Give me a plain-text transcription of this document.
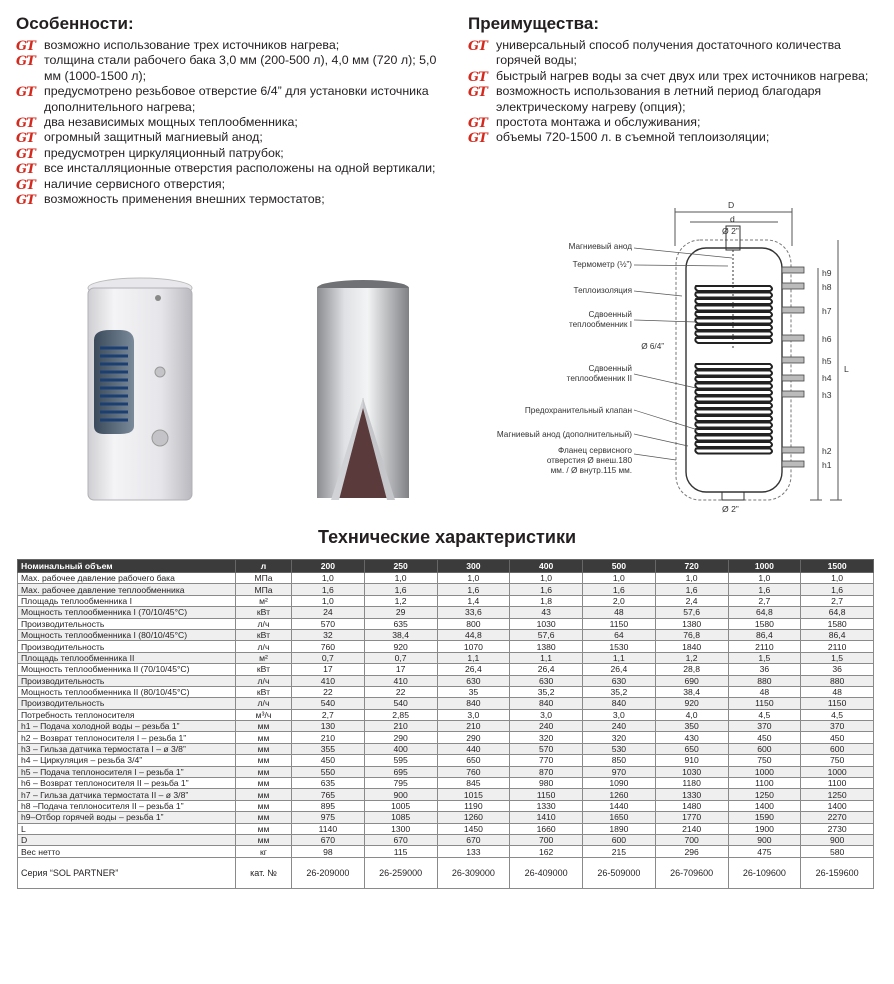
Особенности:
GT возможно использование трех источников нагрева;
GT толщина стали рабочего бака 3,0 мм (200-500 л), 4,0 мм (720 л); 5,0 мм (1000-1500 л);
GT предусмотрено резьбовое отверстие 6/4” для установки источника дополнительного нагрева;
GT два независимых мощных теплообменника;
GT огромный защитный магниевый анод;
GT предусмотрен циркуляционный патрубок;
GT все инсталляционные отверстия расположены на одной вертикали;
GT наличие сервисного отверстия;
GT возможность применения внешних термостатов;
Преимущества:
GT универсальный способ получения достаточного количества горячей воды;
GT быстрый нагрев воды за счет двух или трех источников нагрева;
GT возможность использования в летний период благодаря электрическому нагреву (опция);
GT простота монтажа и обслуживания;
GT объемы 720-1500 л. в съемной теплоизоляции;
Магниевый анод
Термометр (½”)
Теплоизоляция
Сдвоенный
теплообменник I
Ø 6/4”
Сдвоенный
теплообменник II
Предохранительный клапан
Магниевый анод (дополнительный)
Фланец сервисного
отверстия Ø внеш.180
мм. / Ø внутр.115 мм.
D
d
Ø 2”
Ø 2”
L
h9
h8
h7
h6
h5
h4
h3
h2
h1
Технические характеристики
Номинальный объем	л	200	250	300	400	500	720	1000	1500
Max. рабочее давление рабочего бака	МПа	1,0	1,0	1,0	1,0	1,0	1,0	1,0	1,0
Max. рабочее давление теплообменника	МПа	1,6	1,6	1,6	1,6	1,6	1,6	1,6	1,6
Площадь теплообменника I	м²	1,0	1,2	1,4	1,8	2,0	2,4	2,7	2,7
Мощность теплообменника I (70/10/45°C)	кВт	24	29	33,6	43	48	57,6	64,8	64,8
Производительность	л/ч	570	635	800	1030	1150	1380	1580	1580
Мощность теплообменника I (80/10/45°C)	кВт	32	38,4	44,8	57,6	64	76,8	86,4	86,4
Производительность	л/ч	760	920	1070	1380	1530	1840	2110	2110
Площадь теплообменника II	м²	0,7	0,7	1,1	1,1	1,1	1,2	1,5	1,5
Мощность теплообменника II (70/10/45°C)	кВт	17	17	26,4	26,4	26,4	28,8	36	36
Производительность	л/ч	410	410	630	630	630	690	880	880
Мощность теплообменника II (80/10/45°C)	кВт	22	22	35	35,2	35,2	38,4	48	48
Производительность	л/ч	540	540	840	840	840	920	1150	1150
Потребность теплоносителя	м³/ч	2,7	2,85	3,0	3,0	3,0	4,0	4,5	4,5
h1 – Подача холодной воды – резьба 1”	мм	130	210	210	240	240	350	370	370
h2 – Возврат теплоносителя I – резьба 1”	мм	210	290	290	320	320	430	450	450
h3 – Гильза датчика термостата I – ø 3/8”	мм	355	400	440	570	530	650	600	600
h4 – Циркуляция – резьба 3/4”	мм	450	595	650	770	850	910	750	750
h5 – Подача теплоносителя I – резьба 1”	мм	550	695	760	870	970	1030	1000	1000
h6 – Возврат теплоносителя II – резьба 1”	мм	635	795	845	980	1090	1180	1100	1100
h7 – Гильза датчика термостата II – ø 3/8”	мм	765	900	1015	1150	1260	1330	1250	1250
h8 –Подача теплоносителя II – резьба 1”	мм	895	1005	1190	1330	1440	1480	1400	1400
h9–Отбор горячей воды – резьба 1”	мм	975	1085	1260	1410	1650	1770	1590	2270
L	мм	1140	1300	1450	1660	1890	2140	1900	2730
D	мм	670	670	670	700	600	700	900	900
Вес нетто	кг	98	115	133	162	215	296	475	580
Серия “SOL PARTNER”	кат. №	26-209000	26-259000	26-309000	26-409000	26-509000	26-709600	26-109600	26-159600
